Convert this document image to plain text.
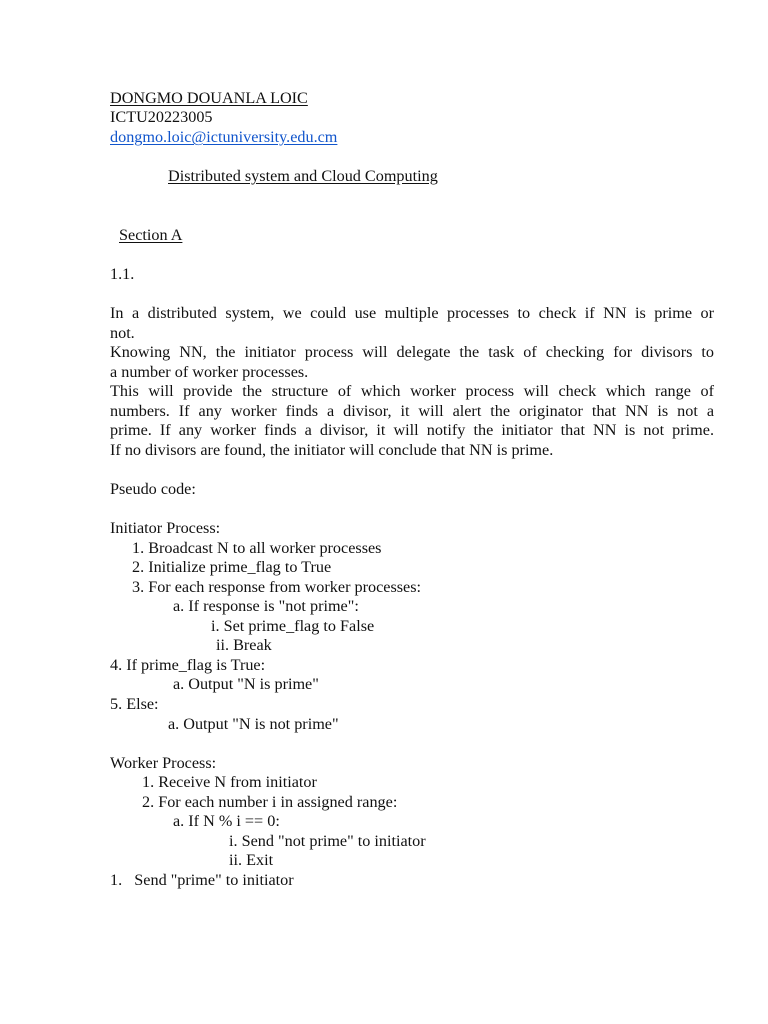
DONGMO DOUANLA LOIC
ICTU20223005
dongmo.loic@ictuniversity.edu.cm
Distributed system and Cloud Computing
Section A
1.1.
In a distributed system, we could use multiple processes to check if NN is prime or
not.
Knowing NN, the initiator process will delegate the task of checking for divisors to
a number of worker processes.
This will provide the structure of which worker process will check which range of
numbers. If any worker finds a divisor, it will alert the originator that NN is not a
prime. If any worker finds a divisor, it will notify the initiator that NN is not prime.
If no divisors are found, the initiator will conclude that NN is prime.
Pseudo code:
Initiator Process:
1. Broadcast N to all worker processes
2. Initialize prime_flag to True
3. For each response from worker processes:
a. If response is "not prime":
i. Set prime_flag to False
ii. Break
4. If prime_flag is True:
a. Output "N is prime"
5. Else:
a. Output "N is not prime"
Worker Process:
1. Receive N from initiator
2. For each number i in assigned range:
a. If N % i == 0:
i. Send "not prime" to initiator
ii. Exit
1.   Send "prime" to initiator
